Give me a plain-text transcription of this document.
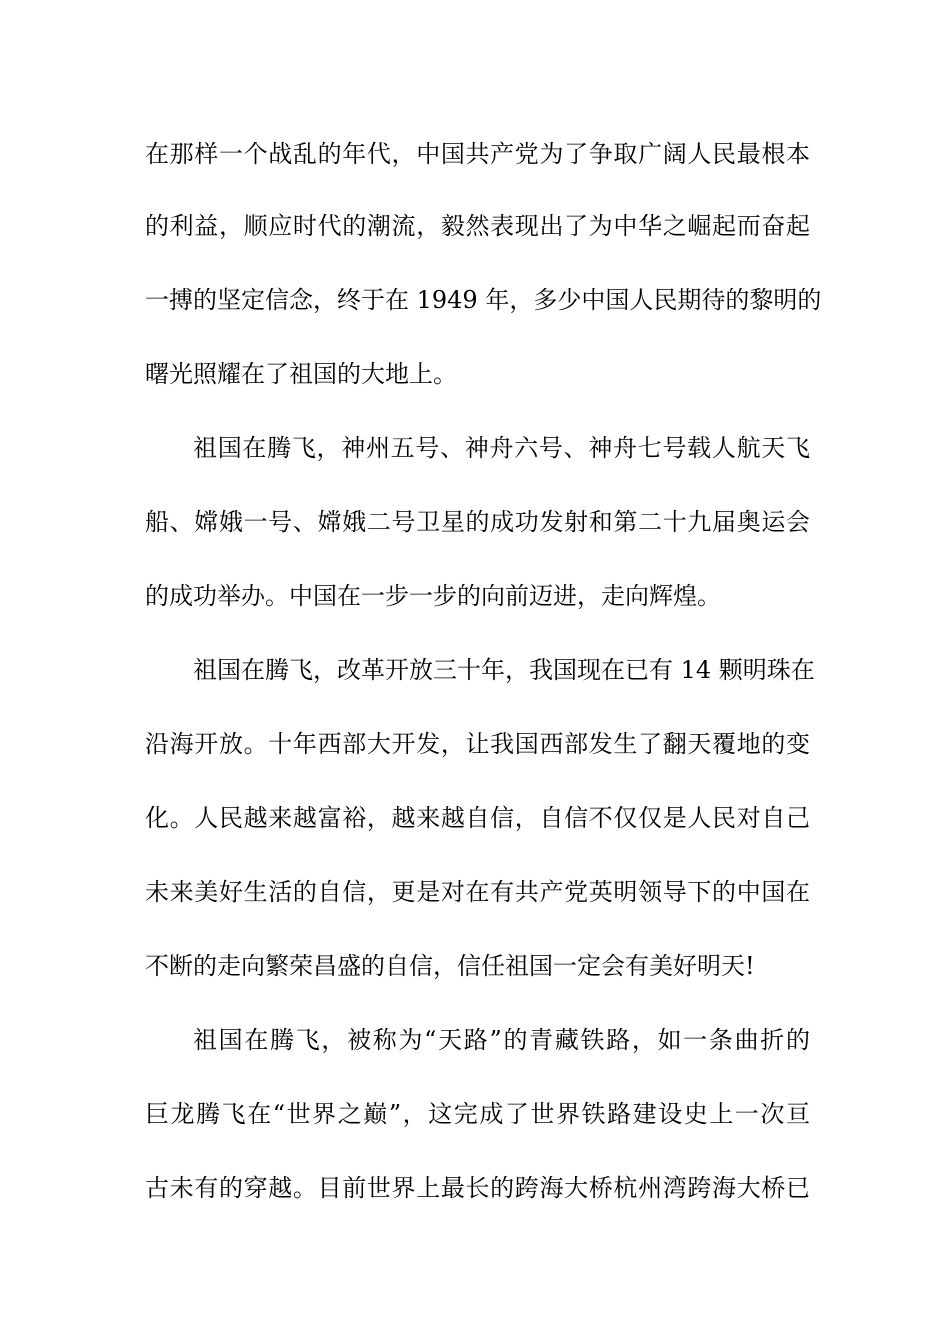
在那样一个战乱的年代，中国共产党为了争取广阔人民最根本
的利益，顺应时代的潮流，毅然表现出了为中华之崛起而奋起
一搏的坚定信念，终于在 1949 年，多少中国人民期待的黎明的
曙光照耀在了祖国的大地上。
祖国在腾飞，神州五号、神舟六号、神舟七号载人航天飞
船、嫦娥一号、嫦娥二号卫星的成功发射和第二十九届奥运会
的成功举办。中国在一步一步的向前迈进，走向辉煌。
祖国在腾飞，改革开放三十年，我国现在已有 14 颗明珠在
沿海开放。十年西部大开发，让我国西部发生了翻天覆地的变
化。人民越来越富裕，越来越自信，自信不仅仅是人民对自己
未来美好生活的自信，更是对在有共产党英明领导下的中国在
不断的走向繁荣昌盛的自信，信任祖国一定会有美好明天!
祖国在腾飞，被称为“天路”的青藏铁路，如一条曲折的
巨龙腾飞在“世界之巅”，这完成了世界铁路建设史上一次亘
古未有的穿越。目前世界上最长的跨海大桥杭州湾跨海大桥已
